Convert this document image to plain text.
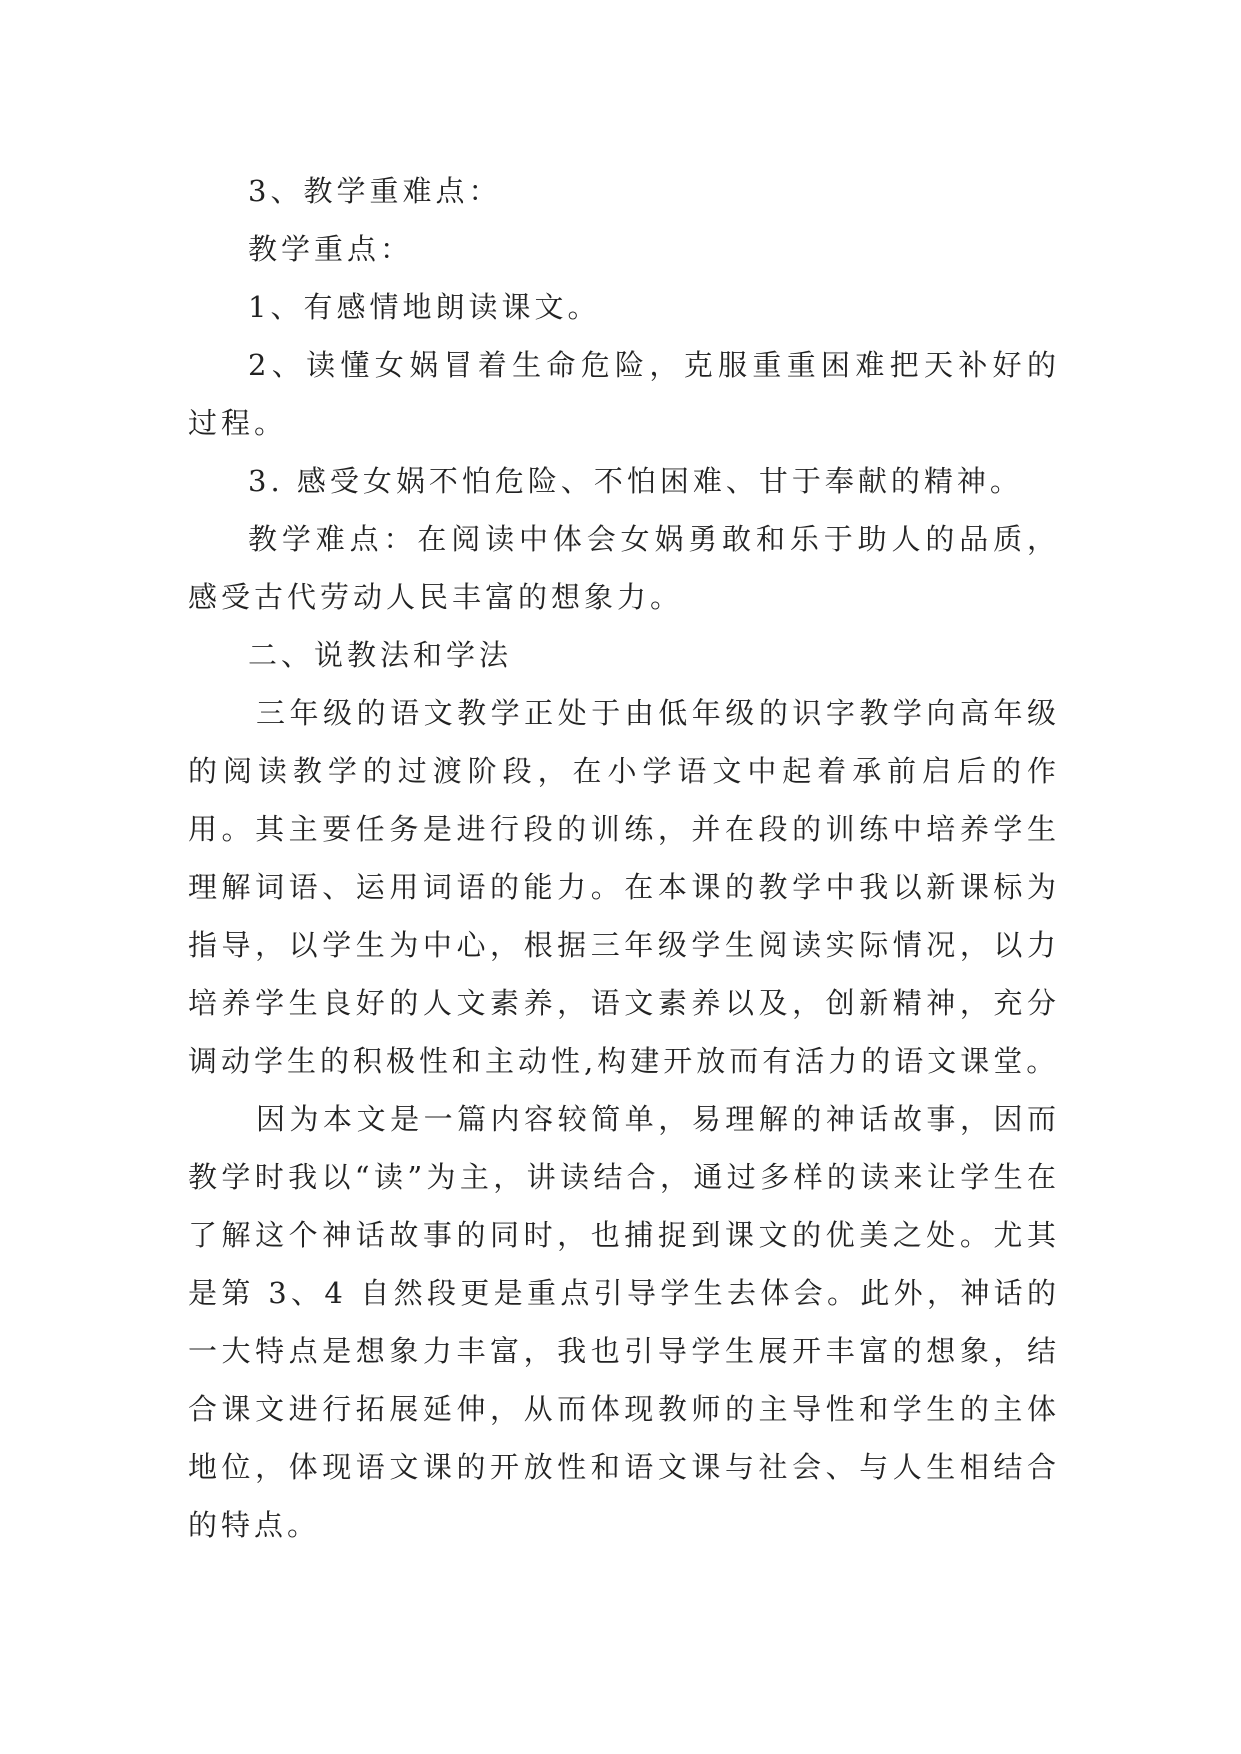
3、教学重难点：

教学重点：

1、有感情地朗读课文。

2、读懂女娲冒着生命危险，克服重重困难把天补好的过程。

3. 感受女娲不怕危险、不怕困难、甘于奉献的精神。

教学难点：在阅读中体会女娲勇敢和乐于助人的品质，感受古代劳动人民丰富的想象力。

二、说教法和学法

三年级的语文教学正处于由低年级的识字教学向高年级的阅读教学的过渡阶段，在小学语文中起着承前启后的作用。其主要任务是进行段的训练，并在段的训练中培养学生理解词语、运用词语的能力。在本课的教学中我以新课标为指导，以学生为中心，根据三年级学生阅读实际情况，以力培养学生良好的人文素养，语文素养以及，创新精神，充分调动学生的积极性和主动性,构建开放而有活力的语文课堂。

因为本文是一篇内容较简单，易理解的神话故事，因而教学时我以“读”为主，讲读结合，通过多样的读来让学生在了解这个神话故事的同时，也捕捉到课文的优美之处。尤其是第 3、4 自然段更是重点引导学生去体会。此外，神话的一大特点是想象力丰富，我也引导学生展开丰富的想象，结合课文进行拓展延伸，从而体现教师的主导性和学生的主体地位，体现语文课的开放性和语文课与社会、与人生相结合的特点。
